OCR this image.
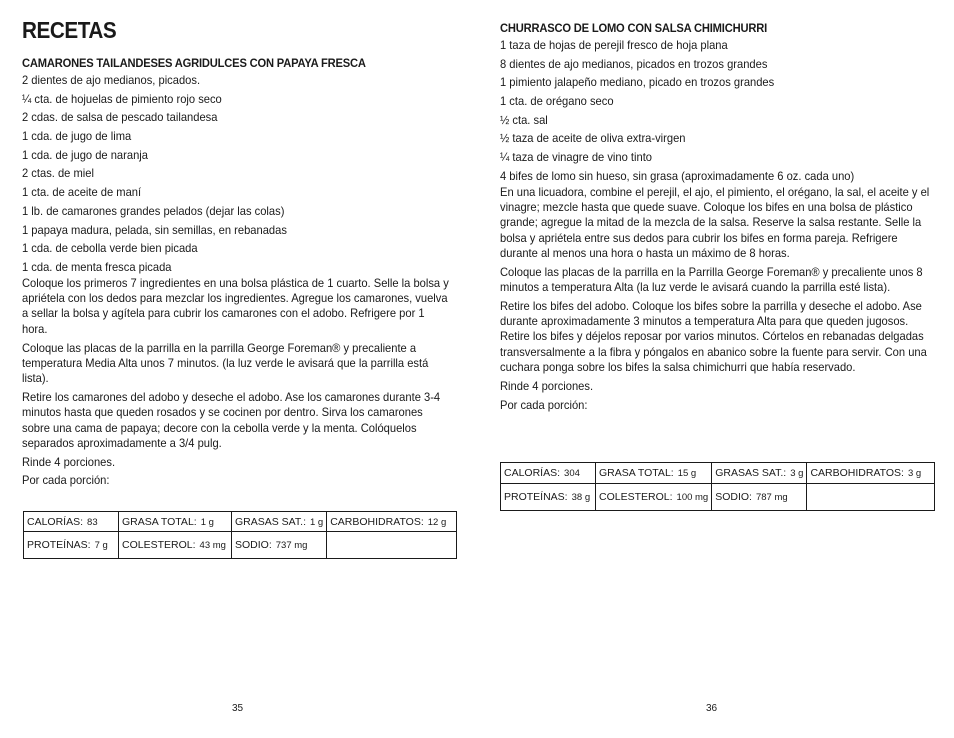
RECETAS
CAMARONES TAILANDESES AGRIDULCES CON PAPAYA FRESCA
2 dientes de ajo medianos, picados.
¼ cta. de hojuelas de pimiento rojo seco
2 cdas. de salsa de pescado tailandesa
1 cda. de jugo de lima
1 cda. de jugo de naranja
2 ctas. de miel
1 cta. de aceite de maní
1 lb. de camarones grandes pelados (dejar las colas)
1 papaya madura, pelada, sin semillas, en rebanadas
1 cda. de cebolla verde bien picada
1 cda. de menta fresca picada

Coloque los primeros 7 ingredientes en una bolsa plástica de 1 cuarto. Selle la bolsa y apriétela con los dedos para mezclar los ingredientes. Agregue los camarones, vuelva a sellar la bolsa y agítela para cubrir los camarones con el adobo. Refrigere por 1 hora.

Coloque las placas de la parrilla en la parrilla George Foreman® y precaliente a temperatura Media Alta unos 7 minutos. (la luz verde le avisará que la parrilla está lista).

Retire los camarones del adobo y deseche el adobo. Ase los camarones durante 3-4 minutos hasta que queden rosados y se cocinen por dentro. Sirva los camarones sobre una cama de papaya; decore con la cebolla verde y la menta. Colóquelos separados aproximadamente a 3/4 pulg.

Rinde 4 porciones.

Por cada porción:

CALORÍAS: 83	GRASA TOTAL: 1 g	GRASAS SAT.: 1 g	CARBOHIDRATOS: 12 g
PROTEÍNAS: 7 g	COLESTEROL: 43 mg	SODIO: 737 mg	
35
CHURRASCO DE LOMO CON SALSA CHIMICHURRI
1 taza de hojas de perejil fresco de hoja plana
8 dientes de ajo medianos, picados en trozos grandes
1 pimiento jalapeño mediano, picado en trozos grandes
1 cta. de orégano seco
½ cta. sal
½ taza de aceite de oliva extra-virgen
¼ taza de vinagre de vino tinto
4 bifes de lomo sin hueso, sin grasa (aproximadamente 6 oz. cada uno)

En una licuadora, combine el perejil, el ajo, el pimiento, el orégano, la sal, el aceite y el vinagre; mezcle hasta que quede suave. Coloque los bifes en una bolsa de plástico grande; agregue la mitad de la mezcla de la salsa. Reserve la salsa restante. Selle la bolsa y apriétela entre sus dedos para cubrir los bifes en forma pareja. Refrigere durante al menos una hora o hasta un máximo de 8 horas.

Coloque las placas de la parrilla en la Parrilla George Foreman® y precaliente unos 8 minutos a temperatura Alta (la luz verde le avisará cuando la parrilla esté lista).

Retire los bifes del adobo. Coloque los bifes sobre la parrilla y deseche el adobo. Ase durante aproximadamente 3 minutos a temperatura Alta para que queden jugosos. Retire los bifes y déjelos reposar por varios minutos. Córtelos en rebanadas delgadas transversalmente a la fibra y póngalos en abanico sobre la fuente para servir. Con una cuchara ponga sobre los bifes la salsa chimichurri que había reservado.

Rinde 4 porciones.

Por cada porción:

CALORÍAS: 304	GRASA TOTAL: 15 g	GRASAS SAT.: 3 g	CARBOHIDRATOS: 3 g
PROTEÍNAS: 38 g	COLESTEROL: 100 mg	SODIO: 787 mg	
36
